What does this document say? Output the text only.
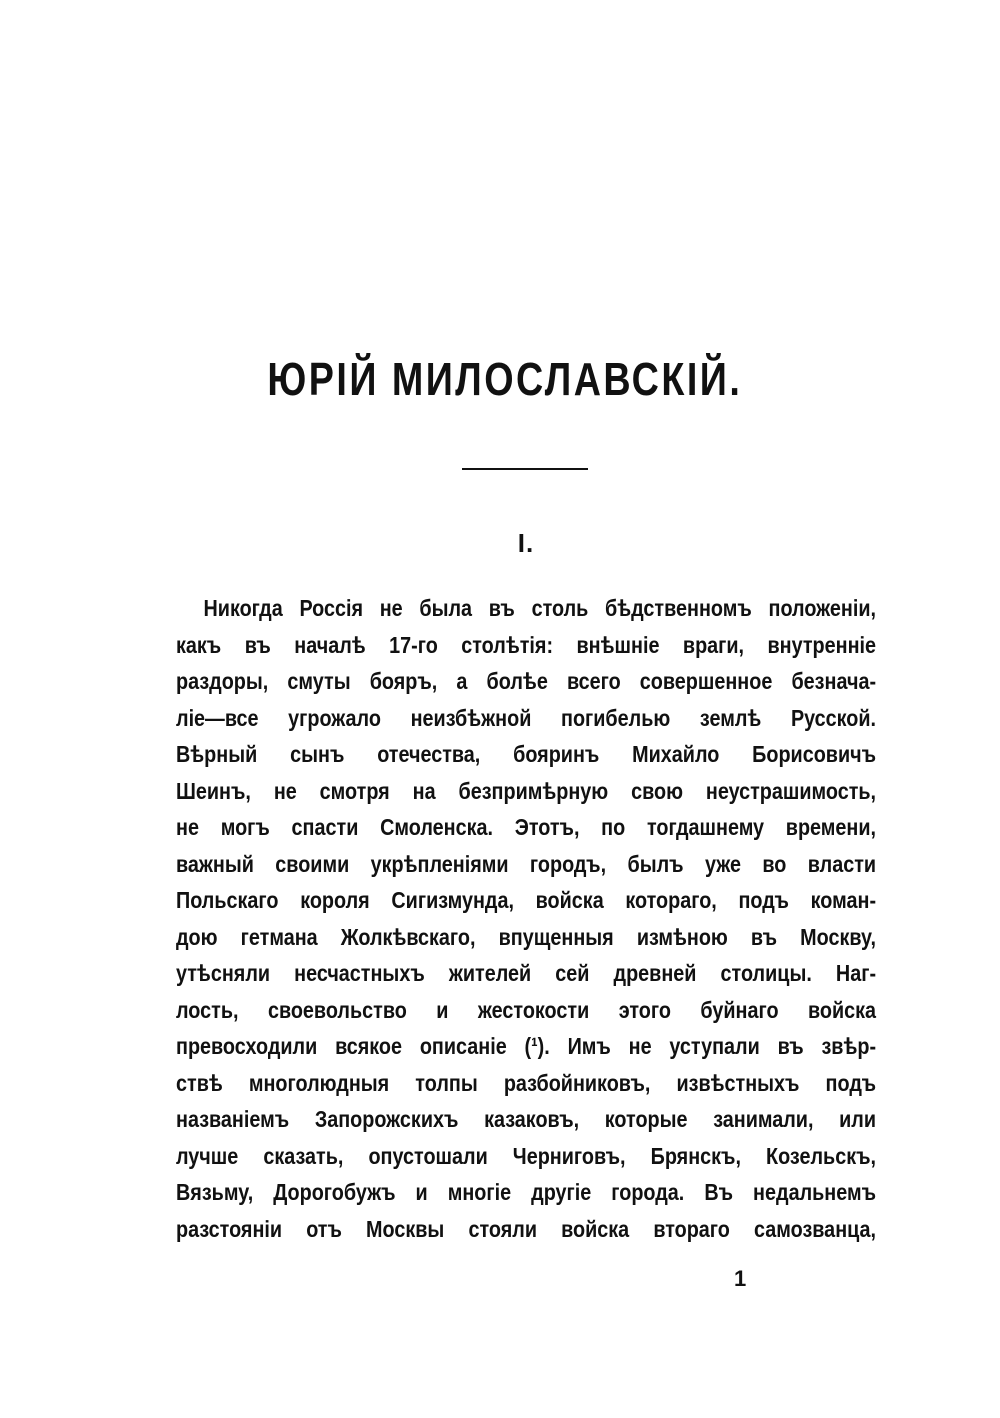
ЮРІЙ МИЛОСЛАВСКІЙ.
I.
Никогда Россія не была въ столь бѣдственномъ положеніи,
какъ въ началѣ 17-го столѣтія: внѣшніе враги, внутренніе
раздоры, смуты бояръ, а болѣе всего совершенное безнача-
ліе—все угрожало неизбѣжной погибелью землѣ Русской.
Вѣрный сынъ отечества, бояринъ Михайло Борисовичъ
Шеинъ, не смотря на безпримѣрную свою неустрашимость,
не могъ спасти Смоленска. Этотъ, по тогдашнему времени,
важный своими укрѣпленіями городъ, былъ уже во власти
Польскаго короля Сигизмунда, войска котораго, подъ коман-
дою гетмана Жолкѣвскаго, впущенныя измѣною въ Москву,
утѣсняли несчастныхъ жителей сей древней столицы. Наг-
лость, своевольство и жестокости этого буйнаго войска
превосходили всякое описаніе (¹). Имъ не уступали въ звѣр-
ствѣ многолюдныя толпы разбойниковъ, извѣстныхъ подъ
названіемъ Запорожскихъ казаковъ, которые занимали, или
лучше сказать, опустошали Черниговъ, Брянскъ, Козельскъ,
Вязьму, Дорогобужъ и многіе другіе города. Въ недальнемъ
разстояніи отъ Москвы стояли войска втораго самозванца,
1
